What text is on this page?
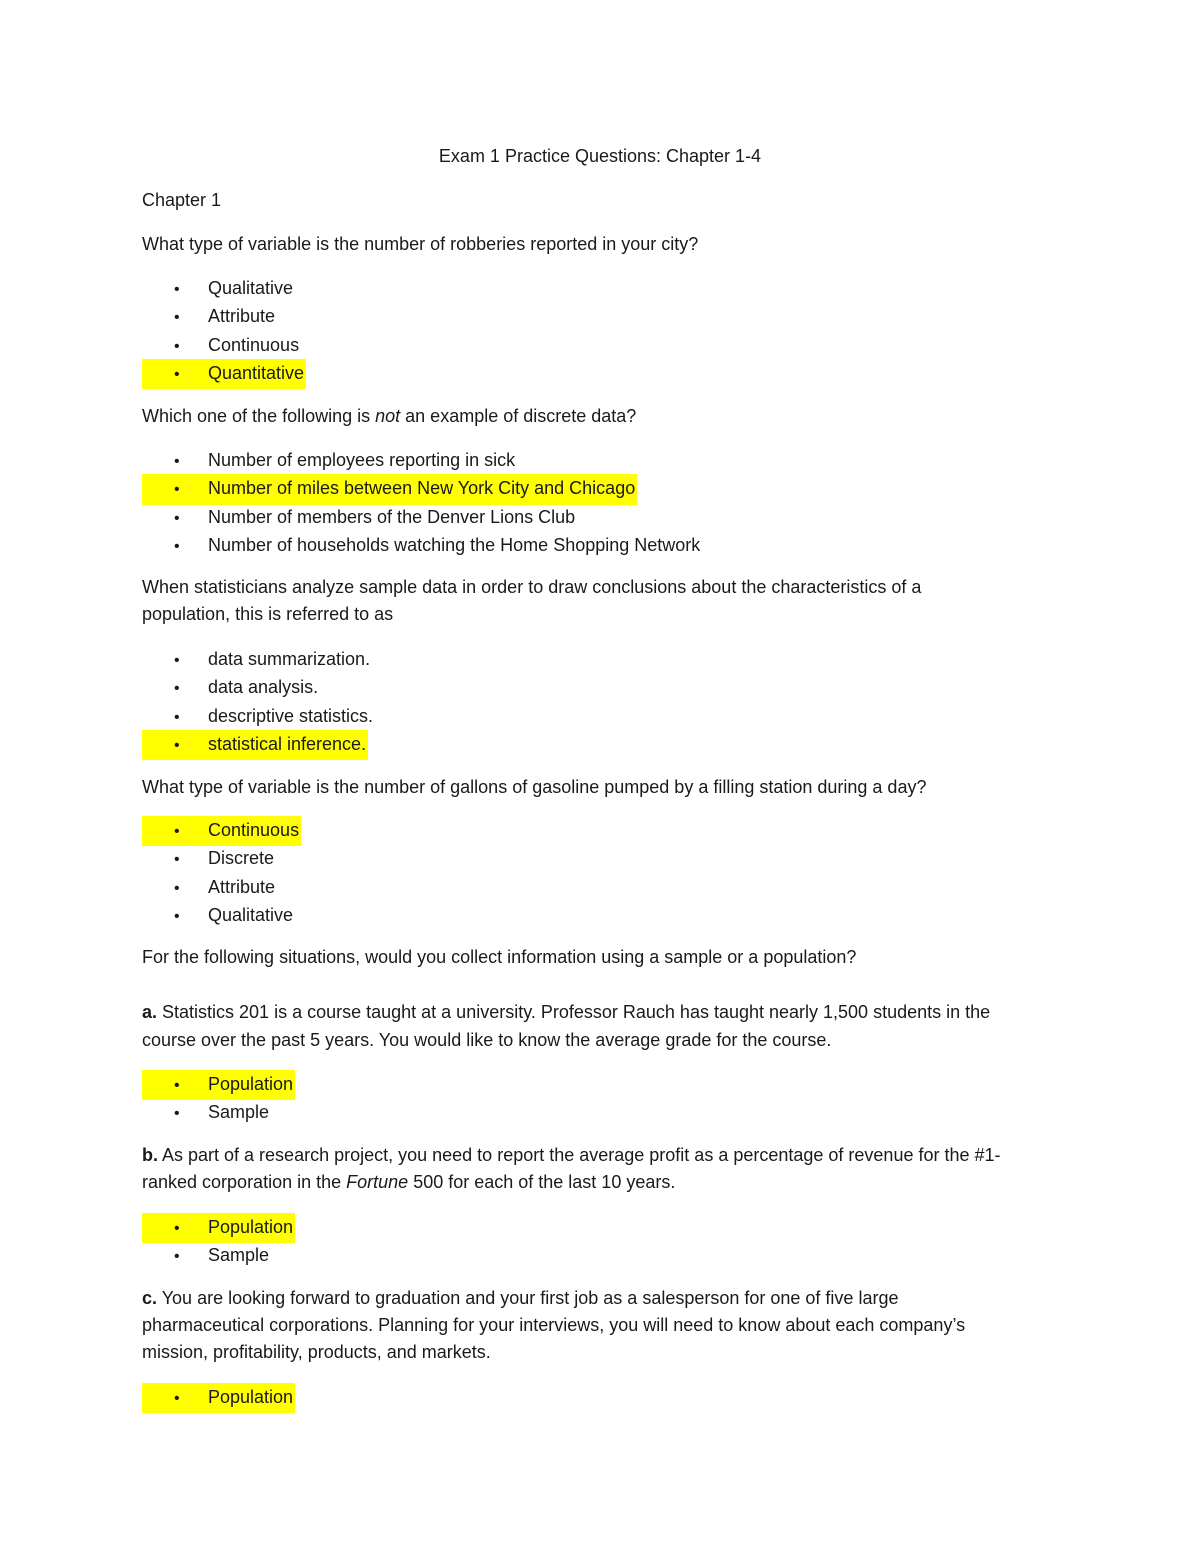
Exam 1 Practice Questions: Chapter 1-4
Chapter 1
What type of variable is the number of robberies reported in your city?
• Qualitative
• Attribute
• Continuous
• Quantitative
Which one of the following is not an example of discrete data?
• Number of employees reporting in sick
• Number of miles between New York City and Chicago
• Number of members of the Denver Lions Club
• Number of households watching the Home Shopping Network
When statisticians analyze sample data in order to draw conclusions about the characteristics of a
population, this is referred to as
• data summarization.
• data analysis.
• descriptive statistics.
• statistical inference.
What type of variable is the number of gallons of gasoline pumped by a filling station during a day?
• Continuous
• Discrete
• Attribute
• Qualitative
For the following situations, would you collect information using a sample or a population?
a. Statistics 201 is a course taught at a university. Professor Rauch has taught nearly 1,500 students in the
course over the past 5 years. You would like to know the average grade for the course.
• Population
• Sample
b. As part of a research project, you need to report the average profit as a percentage of revenue for the #1-
ranked corporation in the Fortune 500 for each of the last 10 years.
• Population
• Sample
c. You are looking forward to graduation and your first job as a salesperson for one of five large
pharmaceutical corporations. Planning for your interviews, you will need to know about each company’s
mission, profitability, products, and markets.
• Population
